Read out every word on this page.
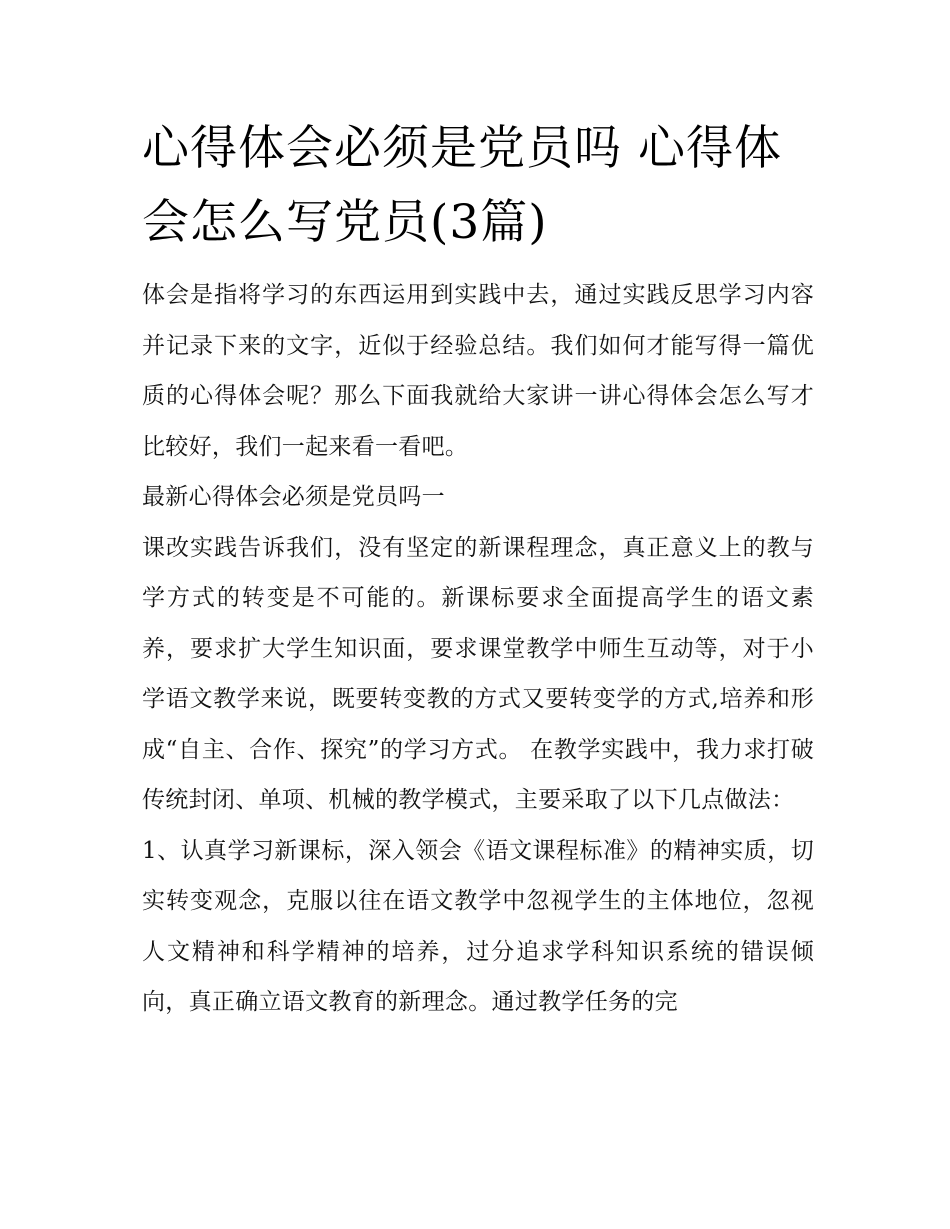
心得体会必须是党员吗 心得体会怎么写党员(3篇)

体会是指将学习的东西运用到实践中去，通过实践反思学习内容并记录下来的文字，近似于经验总结。我们如何才能写得一篇优质的心得体会呢？那么下面我就给大家讲一讲心得体会怎么写才比较好，我们一起来看一看吧。

最新心得体会必须是党员吗一

课改实践告诉我们，没有坚定的新课程理念，真正意义上的教与学方式的转变是不可能的。新课标要求全面提高学生的语文素养，要求扩大学生知识面，要求课堂教学中师生互动等，对于小学语文教学来说，既要转变教的方式又要转变学的方式,培养和形成“自主、合作、探究”的学习方式。 在教学实践中，我力求打破传统封闭、单项、机械的教学模式，主要采取了以下几点做法：

1、认真学习新课标，深入领会《语文课程标准》的精神实质，切实转变观念，克服以往在语文教学中忽视学生的主体地位，忽视人文精神和科学精神的培养，过分追求学科知识系统的错误倾向，真正确立语文教育的新理念。通过教学任务的完
